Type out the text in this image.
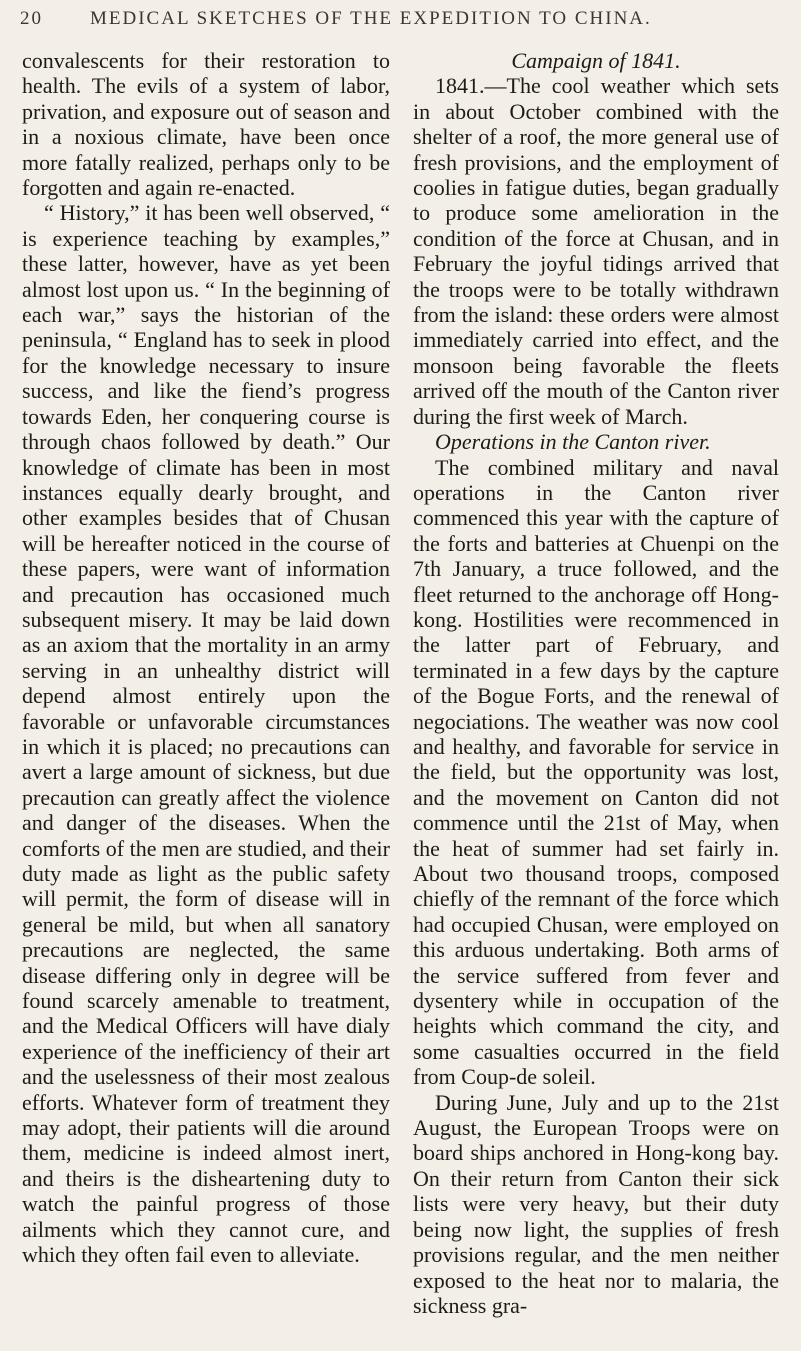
20 MEDICAL SKETCHES OF THE EXPEDITION TO CHINA.

convalescents for their restoration to health. The evils of a system of labor, privation, and exposure out of season and in a noxious climate, have been once more fatally realized, perhaps only to be forgotten and again re-enacted.

“ History,” it has been well observed, “ is experience teaching by examples,” these latter, however, have as yet been almost lost upon us. “ In the beginning of each war,” says the historian of the peninsula, “ England has to seek in plood for the knowledge necessary to insure success, and like the fiend’s progress towards Eden, her conquering course is through chaos followed by death.” Our knowledge of climate has been in most instances equally dearly brought, and other examples besides that of Chusan will be hereafter noticed in the course of these papers, were want of information and precaution has occasioned much subsequent misery. It may be laid down as an axiom that the mortality in an army serving in an unhealthy district will depend almost entirely upon the favorable or unfavorable circumstances in which it is placed; no precautions can avert a large amount of sickness, but due precaution can greatly affect the violence and danger of the diseases. When the comforts of the men are studied, and their duty made as light as the public safety will permit, the form of disease will in general be mild, but when all sanatory precautions are neglected, the same disease differing only in degree will be found scarcely amenable to treatment, and the Medical Officers will have dialy experience of the inefficiency of their art and the uselessness of their most zealous efforts. Whatever form of treatment they may adopt, their patients will die around them, medicine is indeed almost inert, and theirs is the disheartening duty to watch the painful progress of those ailments which they cannot cure, and which they often fail even to alleviate.

Campaign of 1841.

1841.—The cool weather which sets in about October combined with the shelter of a roof, the more general use of fresh provisions, and the employment of coolies in fatigue duties, began gradually to produce some amelioration in the condition of the force at Chusan, and in February the joyful tidings arrived that the troops were to be totally withdrawn from the island: these orders were almost immediately carried into effect, and the monsoon being favorable the fleets arrived off the mouth of the Canton river during the first week of March.

Operations in the Canton river.

The combined military and naval operations in the Canton river commenced this year with the capture of the forts and batteries at Chuenpi on the 7th January, a truce followed, and the fleet returned to the anchorage off Hong-kong. Hostilities were recommenced in the latter part of February, and terminated in a few days by the capture of the Bogue Forts, and the renewal of negociations. The weather was now cool and healthy, and favorable for service in the field, but the opportunity was lost, and the movement on Canton did not commence until the 21st of May, when the heat of summer had set fairly in. About two thousand troops, composed chiefly of the remnant of the force which had occupied Chusan, were employed on this arduous undertaking. Both arms of the service suffered from fever and dysentery while in occupation of the heights which command the city, and some casualties occurred in the field from Coup-de soleil.

During June, July and up to the 21st August, the European Troops were on board ships anchored in Hong-kong bay. On their return from Canton their sick lists were very heavy, but their duty being now light, the supplies of fresh provisions regular, and the men neither exposed to the heat nor to malaria, the sickness gra-
